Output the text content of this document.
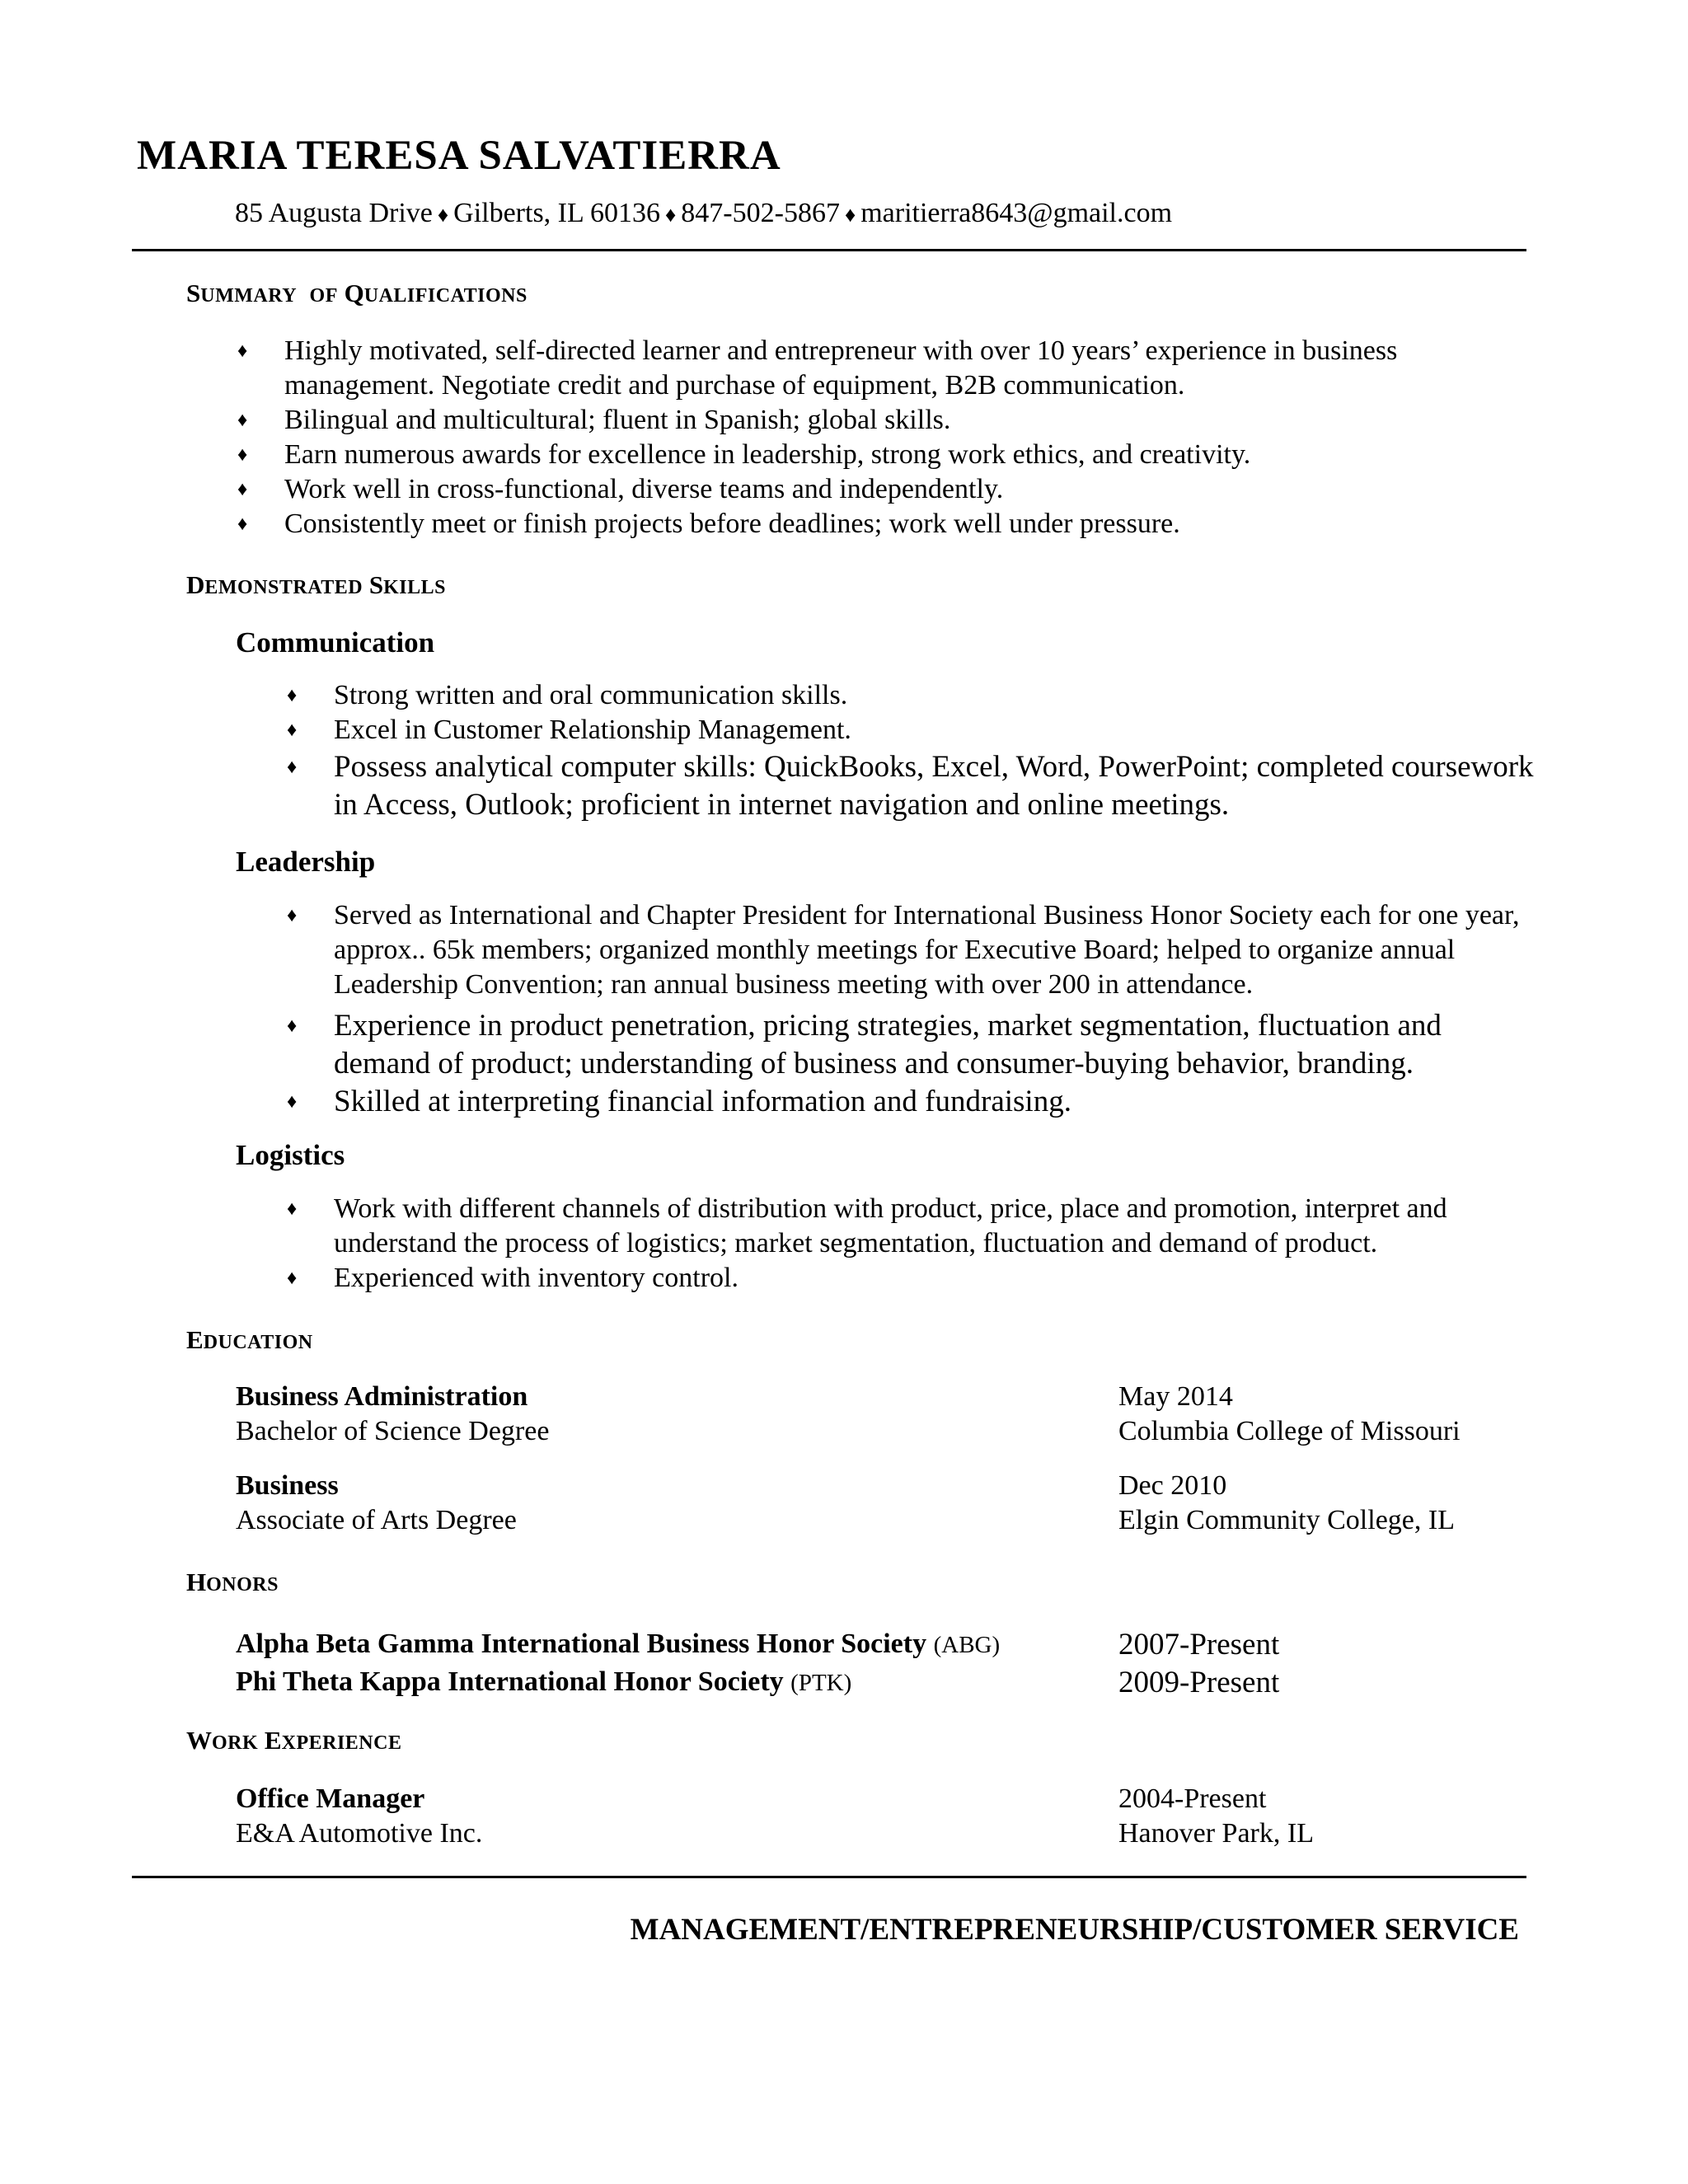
MARIA TERESA SALVATIERRA
85 Augusta Drive ♦ Gilberts, IL 60136 ♦ 847-502-5867 ♦ maritierra8643@gmail.com
SUMMARY OF QUALIFICATIONS
♦ Highly motivated, self-directed learner and entrepreneur with over 10 years’ experience in business management. Negotiate credit and purchase of equipment, B2B communication.
♦ Bilingual and multicultural; fluent in Spanish; global skills.
♦ Earn numerous awards for excellence in leadership, strong work ethics, and creativity.
♦ Work well in cross-functional, diverse teams and independently.
♦ Consistently meet or finish projects before deadlines; work well under pressure.
DEMONSTRATED SKILLS
Communication
♦ Strong written and oral communication skills.
♦ Excel in Customer Relationship Management.
♦ Possess analytical computer skills: QuickBooks, Excel, Word, PowerPoint; completed coursework in Access, Outlook; proficient in internet navigation and online meetings.
Leadership
♦ Served as International and Chapter President for International Business Honor Society each for one year, approx.. 65k members; organized monthly meetings for Executive Board; helped to organize annual Leadership Convention; ran annual business meeting with over 200 in attendance.
♦ Experience in product penetration, pricing strategies, market segmentation, fluctuation and demand of product; understanding of business and consumer-buying behavior, branding.
♦ Skilled at interpreting financial information and fundraising.
Logistics
♦ Work with different channels of distribution with product, price, place and promotion, interpret and understand the process of logistics; market segmentation, fluctuation and demand of product.
♦ Experienced with inventory control.
EDUCATION
Business Administration	May 2014
Bachelor of Science Degree	Columbia College of Missouri
Business	Dec 2010
Associate of Arts Degree	Elgin Community College, IL
HONORS
Alpha Beta Gamma International Business Honor Society (ABG)	2007-Present
Phi Theta Kappa International Honor Society (PTK)	2009-Present
WORK EXPERIENCE
Office Manager	2004-Present
E&A Automotive Inc.	Hanover Park, IL
MANAGEMENT/ENTREPRENEURSHIP/CUSTOMER SERVICE
